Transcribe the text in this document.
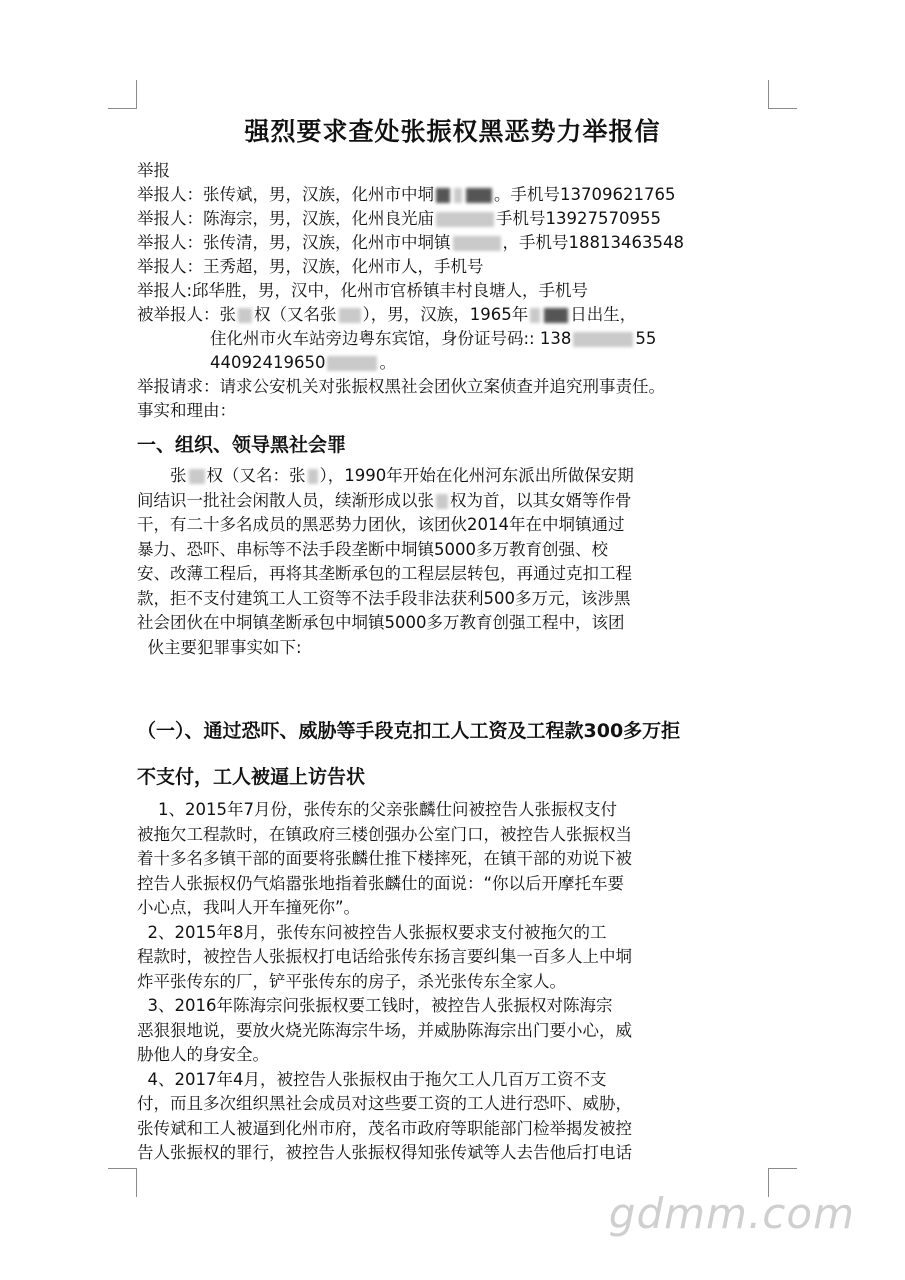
强烈要求查处张振权黑恶势力举报信
举报
举报人：张传斌，男，汉族，化州市中垌	。手机号13709621765
举报人：陈海宗，男，汉族，化州良光庙	手机号13927570955
举报人：张传清，男，汉族，化州市中垌镇	，手机号18813463548
举报人：王秀超，男，汉族，化州市人，手机号
举报人:邱华胜，男，汉中，化州市官桥镇丰村良塘人，手机号
被举报人：张 权（又名张 ），男，汉族，1965年	日出生，
住化州市火车站旁边粤东宾馆，身份证号码:: 138	55
44092419650	。
举报请求：请求公安机关对张振权黑社会团伙立案侦查并追究刑事责任。
事实和理由：
一、组织、领导黑社会罪

  张 权（又名：张 ），1990年开始在化州河东派出所做保安期

间结识一批社会闲散人员，续渐形成以张 权为首，以其女婿等作骨

干，有二十多名成员的黑恶势力团伙，该团伙2014年在中垌镇通过

暴力、恐吓、串标等不法手段垄断中垌镇5000多万教育创强、校

安、改薄工程后，再将其垄断承包的工程层层转包，再通过克扣工程

款，拒不支付建筑工人工资等不法手段非法获利500多万元，该涉黑

社会团伙在中垌镇垄断承包中垌镇5000多万教育创强工程中，该团

伙主要犯罪事实如下:

（一）、通过恐吓、威胁等手段克扣工人工资及工程款300多万拒
不支付，工人被逼上访告状

1、2015年7月份，张传东的父亲张麟仕问被控告人张振权支付

被拖欠工程款时，在镇政府三楼创强办公室门口，被控告人张振权当

着十多名多镇干部的面要将张麟仕推下楼摔死，在镇干部的劝说下被

控告人张振权仍气焰嚣张地指着张麟仕的面说：“你以后开摩托车要

小心点，我叫人开车撞死你”。

2、2015年8月，张传东问被控告人张振权要求支付被拖欠的工

程款时，被控告人张振权打电话给张传东扬言要纠集一百多人上中垌

炸平张传东的厂，铲平张传东的房子，杀光张传东全家人。

3、2016年陈海宗问张振权要工钱时，被控告人张振权对陈海宗

恶狠狠地说，要放火烧光陈海宗牛场，并威胁陈海宗出门要小心，威

胁他人的身安全。

4、2017年4月，被控告人张振权由于拖欠工人几百万工资不支

付，而且多次组织黑社会成员对这些要工资的工人进行恐吓、威胁，

张传斌和工人被逼到化州市府，茂名市政府等职能部门检举揭发被控

告人张振权的罪行，被控告人张振权得知张传斌等人去告他后打电话

gdmm.com
